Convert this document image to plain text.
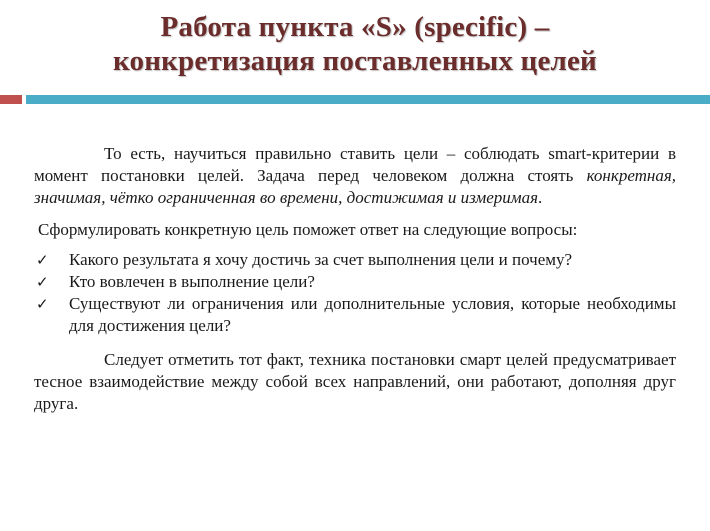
Работа пункта «S» (specific) –
конкретизация поставленных целей

То есть, научиться правильно ставить цели – соблюдать smart-критерии в момент постановки целей. Задача перед человеком должна стоять конкретная, значимая, чётко ограниченная во времени, достижимая и измеримая.

Сформулировать конкретную цель поможет ответ на следующие вопросы:

✓ Какого результата я хочу достичь за счет выполнения цели и почему?
✓ Кто вовлечен в выполнение цели?
✓ Существуют ли ограничения или дополнительные условия, которые необходимы для достижения цели?

Следует отметить тот факт, техника постановки смарт целей предусматривает тесное взаимодействие между собой всех направлений, они работают, дополняя друг друга.
